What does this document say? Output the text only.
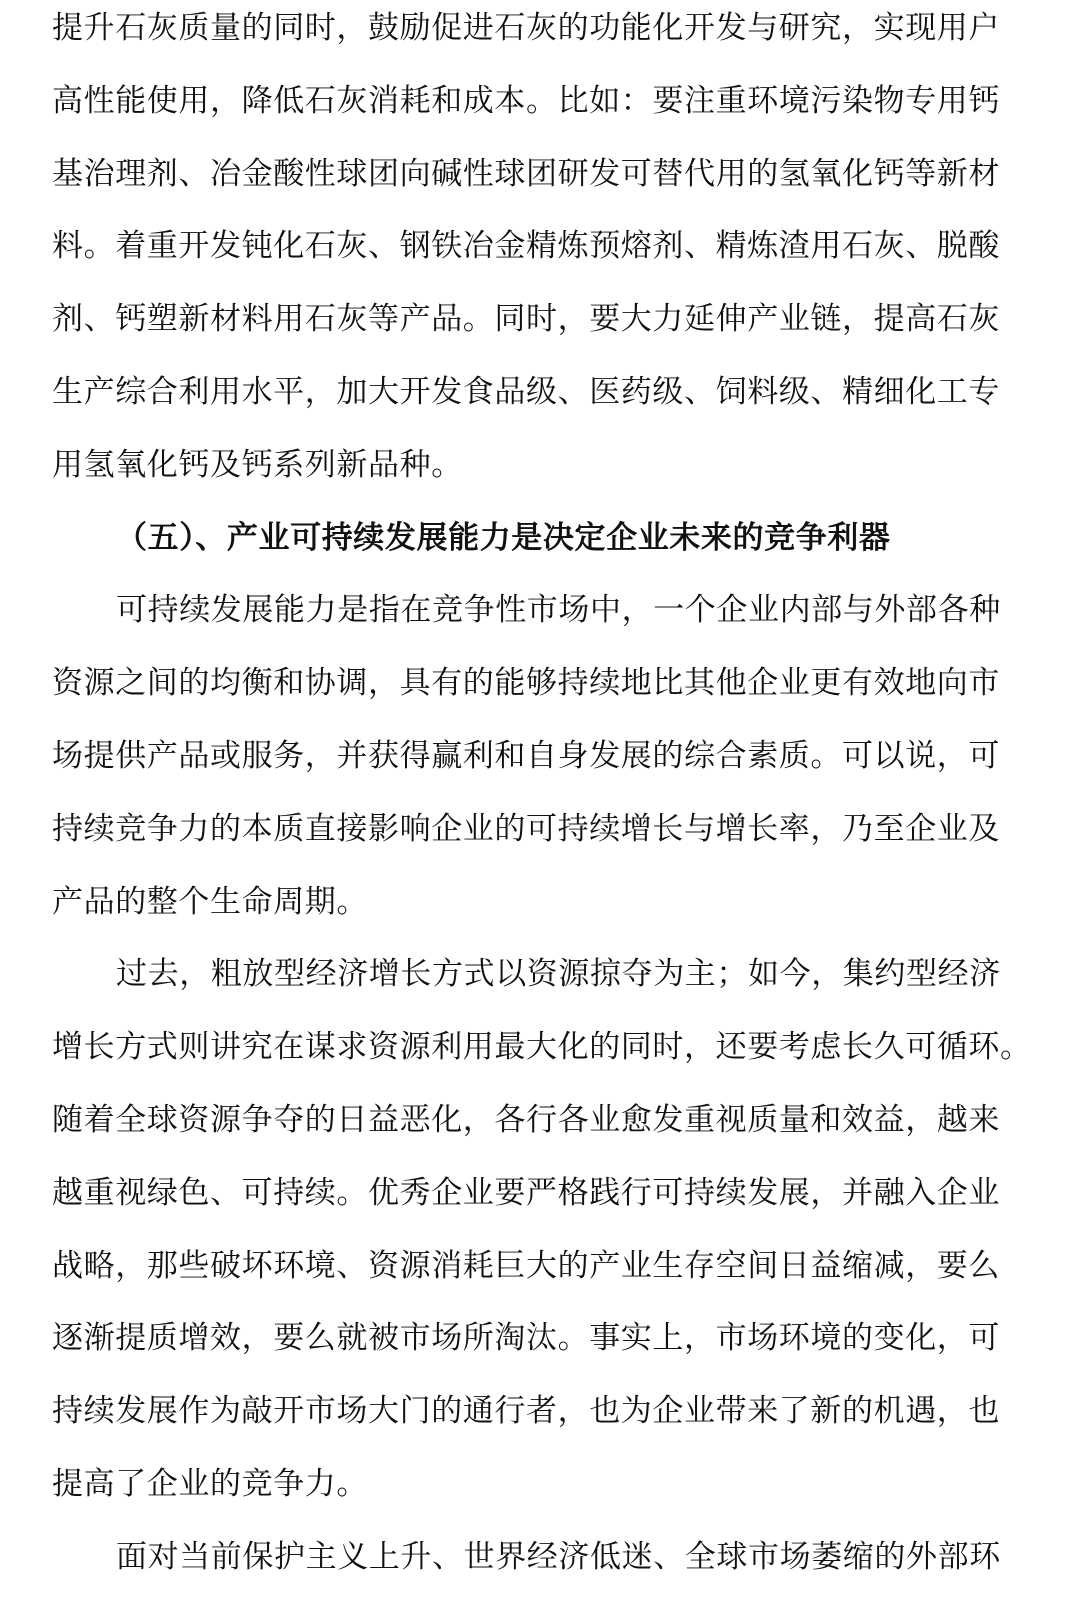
提升石灰质量的同时，鼓励促进石灰的功能化开发与研究，实现用户
高性能使用，降低石灰消耗和成本。比如：要注重环境污染物专用钙
基治理剂、冶金酸性球团向碱性球团研发可替代用的氢氧化钙等新材
料。着重开发钝化石灰、钢铁冶金精炼预熔剂、精炼渣用石灰、脱酸
剂、钙塑新材料用石灰等产品。同时，要大力延伸产业链，提高石灰
生产综合利用水平，加大开发食品级、医药级、饲料级、精细化工专
用氢氧化钙及钙系列新品种。
（五）、产业可持续发展能力是决定企业未来的竞争利器
可持续发展能力是指在竞争性市场中，一个企业内部与外部各种
资源之间的均衡和协调，具有的能够持续地比其他企业更有效地向市
场提供产品或服务，并获得赢利和自身发展的综合素质。可以说，可
持续竞争力的本质直接影响企业的可持续增长与增长率，乃至企业及
产品的整个生命周期。
过去，粗放型经济增长方式以资源掠夺为主；如今，集约型经济
增长方式则讲究在谋求资源利用最大化的同时，还要考虑长久可循环。
随着全球资源争夺的日益恶化，各行各业愈发重视质量和效益，越来
越重视绿色、可持续。优秀企业要严格践行可持续发展，并融入企业
战略，那些破坏环境、资源消耗巨大的产业生存空间日益缩减，要么
逐渐提质增效，要么就被市场所淘汰。事实上，市场环境的变化，可
持续发展作为敲开市场大门的通行者，也为企业带来了新的机遇，也
提高了企业的竞争力。
面对当前保护主义上升、世界经济低迷、全球市场萎缩的外部环
